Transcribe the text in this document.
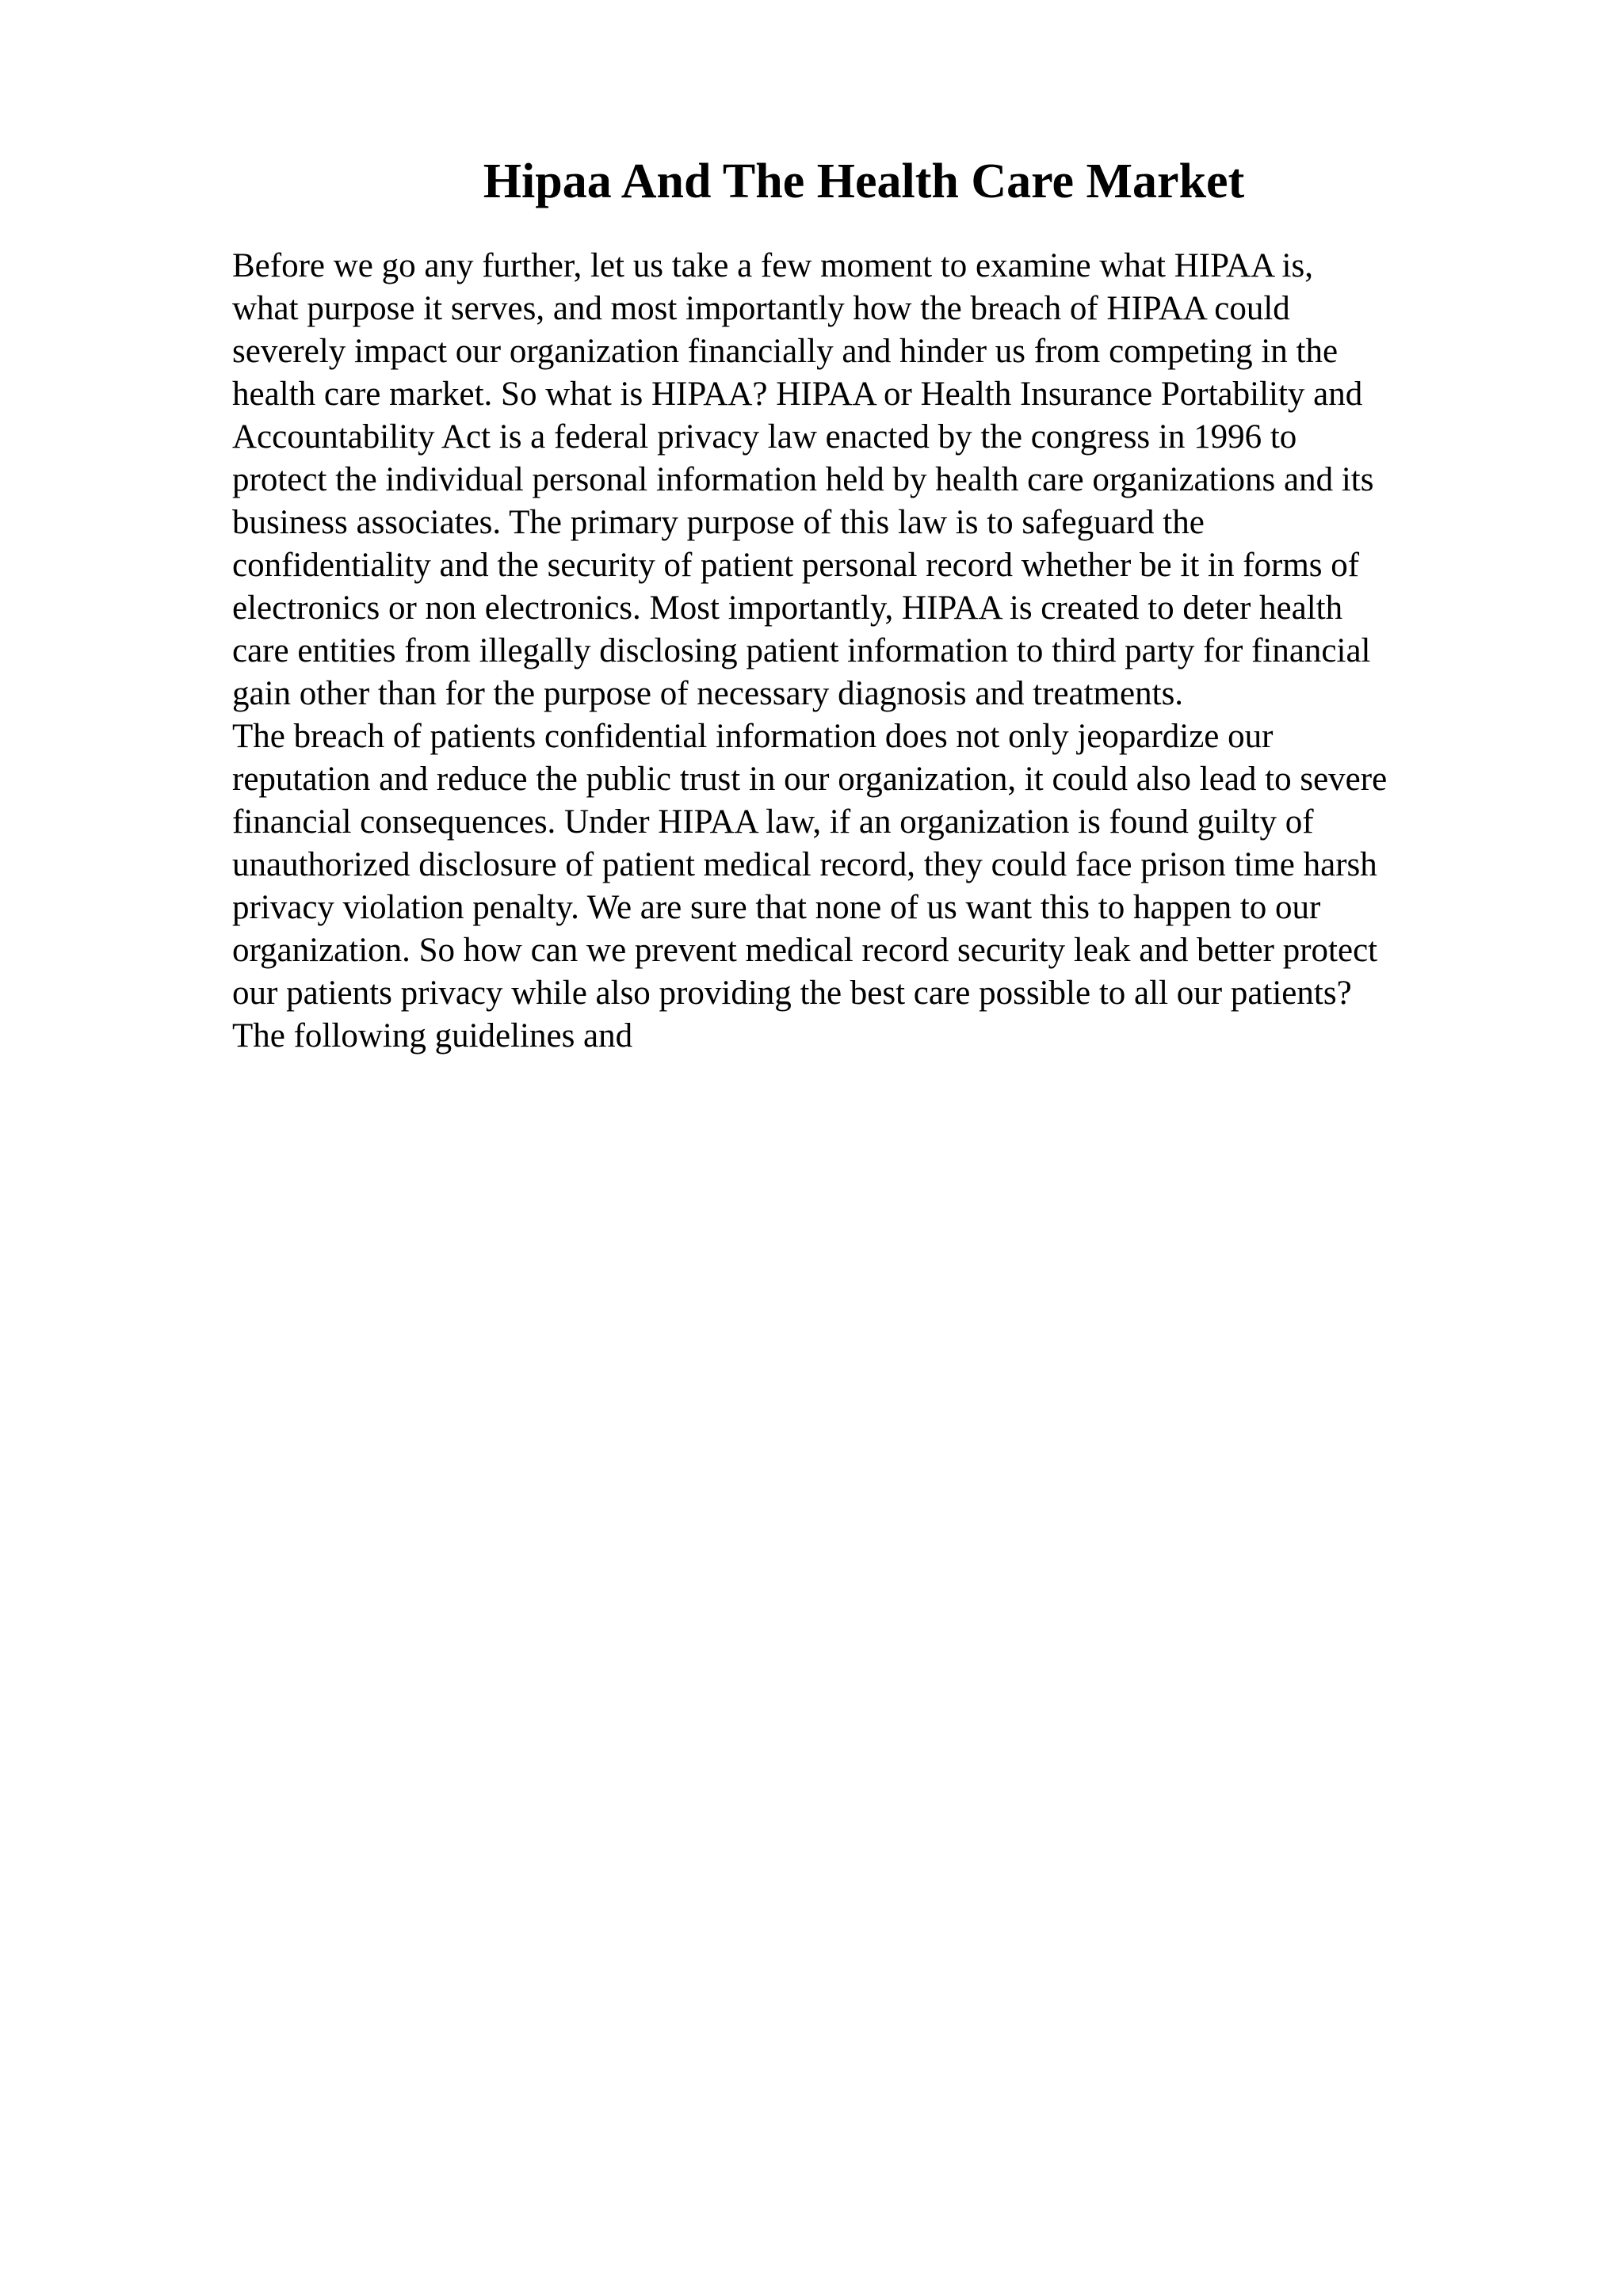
Hipaa And The Health Care Market

Before we go any further, let us take a few moment to examine what HIPAA is,
what purpose it serves, and most importantly how the breach of HIPAA could
severely impact our organization financially and hinder us from competing in the
health care market. So what is HIPAA? HIPAA or Health Insurance Portability and
Accountability Act is a federal privacy law enacted by the congress in 1996 to
protect the individual personal information held by health care organizations and its
business associates. The primary purpose of this law is to safeguard the
confidentiality and the security of patient personal record whether be it in forms of
electronics or non electronics. Most importantly, HIPAA is created to deter health
care entities from illegally disclosing patient information to third party for financial
gain other than for the purpose of necessary diagnosis and treatments.

The breach of patients confidential information does not only jeopardize our
reputation and reduce the public trust in our organization, it could also lead to severe
financial consequences. Under HIPAA law, if an organization is found guilty of
unauthorized disclosure of patient medical record, they could face prison time harsh
privacy violation penalty. We are sure that none of us want this to happen to our
organization. So how can we prevent medical record security leak and better protect
our patients privacy while also providing the best care possible to all our patients?
The following guidelines and
